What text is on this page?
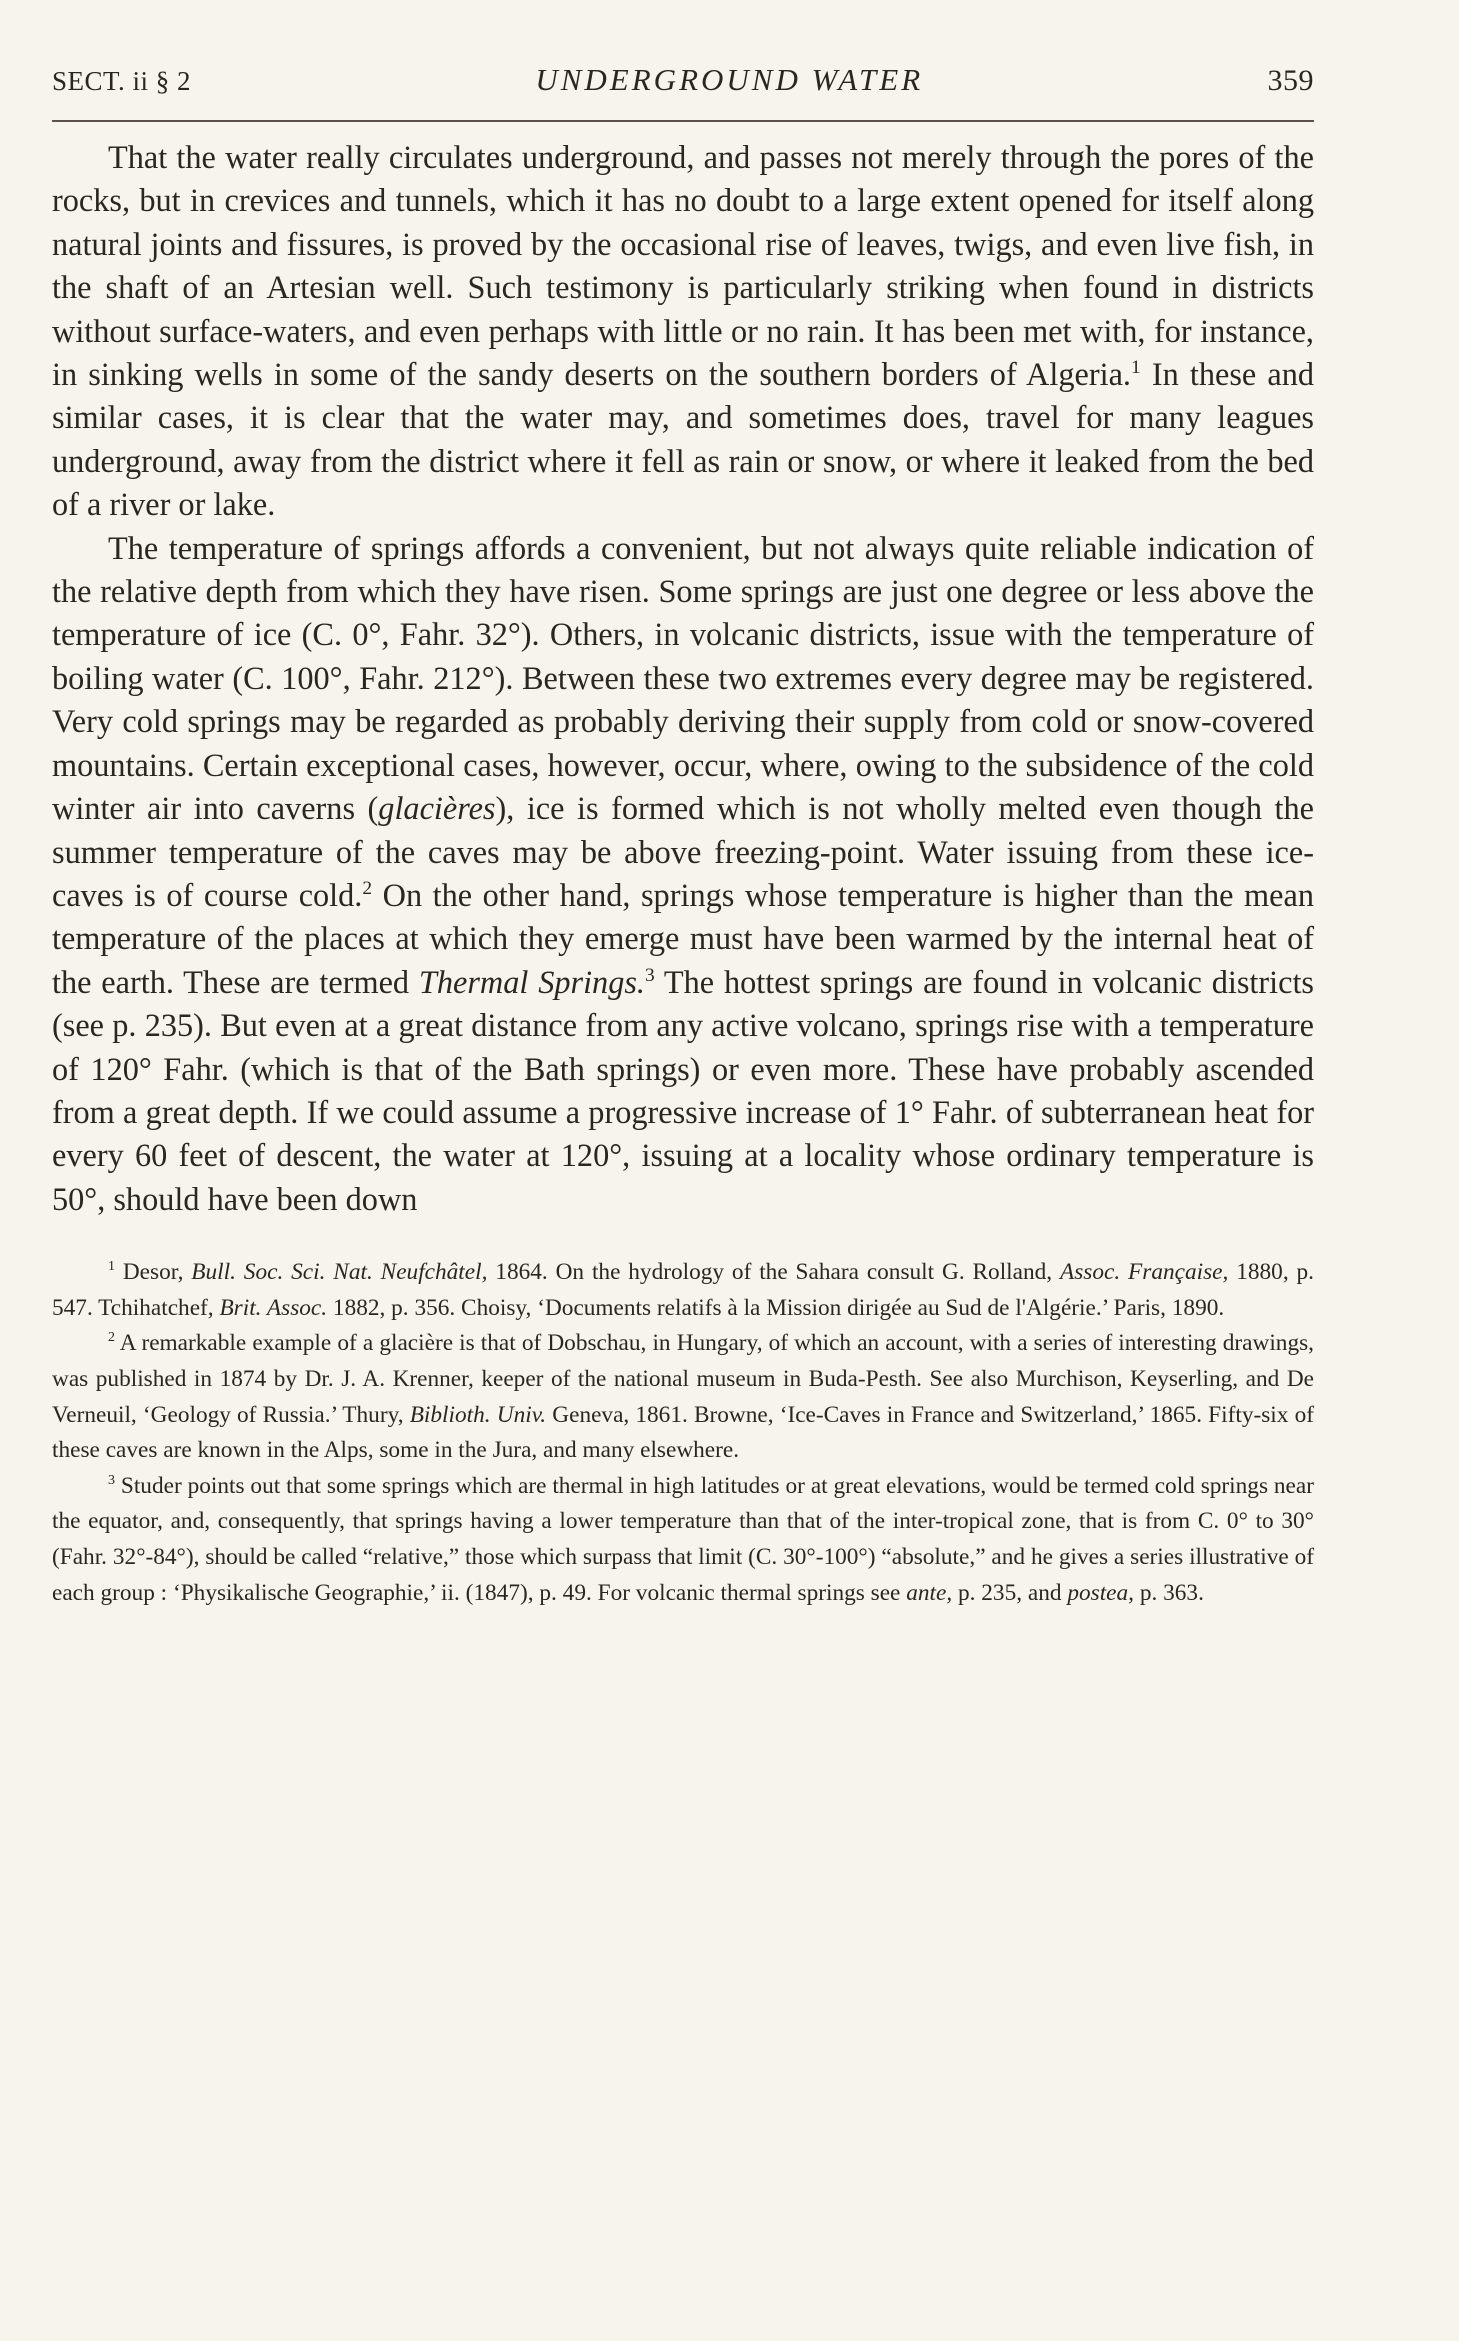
SECT. ii § 2	UNDERGROUND WATER	359

That the water really circulates underground, and passes not merely through the pores of the rocks, but in crevices and tunnels, which it has no doubt to a large extent opened for itself along natural joints and fissures, is proved by the occasional rise of leaves, twigs, and even live fish, in the shaft of an Artesian well. Such testimony is particularly striking when found in districts without surface-waters, and even perhaps with little or no rain. It has been met with, for instance, in sinking wells in some of the sandy deserts on the southern borders of Algeria.$^1$ In these and similar cases, it is clear that the water may, and sometimes does, travel for many leagues underground, away from the district where it fell as rain or snow, or where it leaked from the bed of a river or lake.

The temperature of springs affords a convenient, but not always quite reliable indication of the relative depth from which they have risen. Some springs are just one degree or less above the temperature of ice (C. 0°, Fahr. 32°). Others, in volcanic districts, issue with the temperature of boiling water (C. 100°, Fahr. 212°). Between these two extremes every degree may be registered. Very cold springs may be regarded as probably deriving their supply from cold or snow-covered mountains. Certain exceptional cases, however, occur, where, owing to the subsidence of the cold winter air into caverns (glacières), ice is formed which is not wholly melted even though the summer temperature of the caves may be above freezing-point. Water issuing from these ice-caves is of course cold.$^2$ On the other hand, springs whose temperature is higher than the mean temperature of the places at which they emerge must have been warmed by the internal heat of the earth. These are termed Thermal Springs.$^3$ The hottest springs are found in volcanic districts (see p. 235). But even at a great distance from any active volcano, springs rise with a temperature of 120° Fahr. (which is that of the Bath springs) or even more. These have probably ascended from a great depth. If we could assume a progressive increase of 1° Fahr. of subterranean heat for every 60 feet of descent, the water at 120°, issuing at a locality whose ordinary temperature is 50°, should have been down

$^1$ Desor, Bull. Soc. Sci. Nat. Neufchâtel, 1864. On the hydrology of the Sahara consult G. Rolland, Assoc. Française, 1880, p. 547. Tchihatchef, Brit. Assoc. 1882, p. 356. Choisy, ‘Documents relatifs à la Mission dirigée au Sud de l'Algérie.’ Paris, 1890.

$^2$ A remarkable example of a glacière is that of Dobschau, in Hungary, of which an account, with a series of interesting drawings, was published in 1874 by Dr. J. A. Krenner, keeper of the national museum in Buda-Pesth. See also Murchison, Keyserling, and De Verneuil, ‘Geology of Russia.’ Thury, Biblioth. Univ. Geneva, 1861. Browne, ‘Ice-Caves in France and Switzerland,’ 1865. Fifty-six of these caves are known in the Alps, some in the Jura, and many elsewhere.

$^3$ Studer points out that some springs which are thermal in high latitudes or at great elevations, would be termed cold springs near the equator, and, consequently, that springs having a lower temperature than that of the inter-tropical zone, that is from C. 0° to 30° (Fahr. 32°-84°), should be called “relative,” those which surpass that limit (C. 30°-100°) “absolute,” and he gives a series illustrative of each group : ‘Physikalische Geographie,’ ii. (1847), p. 49. For volcanic thermal springs see ante, p. 235, and postea, p. 363.
